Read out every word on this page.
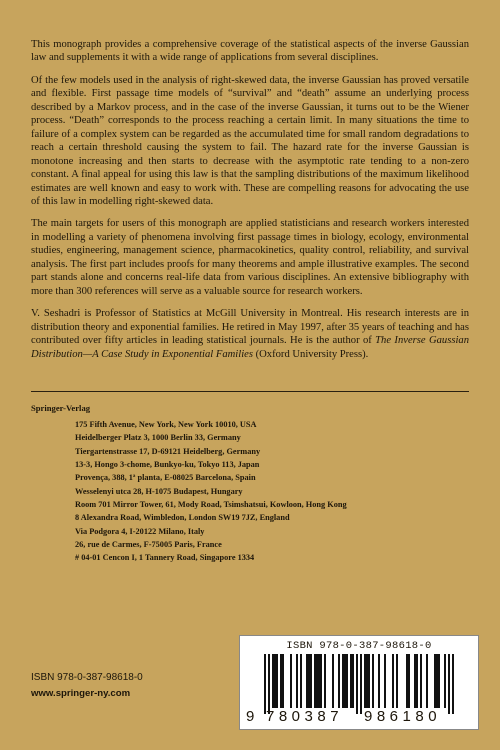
This monograph provides a comprehensive coverage of the statistical aspects of the inverse Gaussian law and supplements it with a wide range of applications from several disciplines.

Of the few models used in the analysis of right-skewed data, the inverse Gaussian has proved versatile and flexible. First passage time models of “survival” and “death” assume an underlying process described by a Markov process, and in the case of the inverse Gaussian, it turns out to be the Wiener process. “Death” corresponds to the process reaching a certain limit. In many situations the time to failure of a complex system can be regarded as the accumulated time for small random degradations to reach a certain threshold causing the system to fail. The hazard rate for the inverse Gaussian is monotone increasing and then starts to decrease with the asymptotic rate tending to a non-zero constant. A final appeal for using this law is that the sampling distributions of the maximum likelihood estimates are well known and easy to work with. These are compelling reasons for advocating the use of this law in modelling right-skewed data.

The main targets for users of this monograph are applied statisticians and research workers interested in modelling a variety of phenomena involving first passage times in biology, ecology, environmental studies, engineering, management science, pharmacokinetics, quality control, reliability, and survival analysis. The first part includes proofs for many theorems and ample illustrative examples. The second part stands alone and concerns real-life data from various disciplines. An extensive bibliography with more than 300 references will serve as a valuable source for research workers.

V. Seshadri is Professor of Statistics at McGill University in Montreal. His research interests are in distribution theory and exponential families. He retired in May 1997, after 35 years of teaching and has contributed over fifty articles in leading statistical journals. He is the author of The Inverse Gaussian Distribution—A Case Study in Exponential Families (Oxford University Press).

Springer-Verlag
175 Fifth Avenue, New York, New York 10010, USA
Heidelberger Platz 3, 1000 Berlin 33, Germany
Tiergartenstrasse 17, D-69121 Heidelberg, Germany
13-3, Hongo 3-chome, Bunkyo-ku, Tokyo 113, Japan
Provença, 388, 1ª planta, E-08025 Barcelona, Spain
Wesselenyi utca 28, H-1075 Budapest, Hungary
Room 701 Mirror Tower, 61, Mody Road, Tsimshatsui, Kowloon, Hong Kong
8 Alexandra Road, Wimbledon, London SW19 7JZ, England
Via Podgora 4, I-20122 Milano, Italy
26, rue de Carmes, F-75005 Paris, France
# 04-01 Cencon I, 1 Tannery Road, Singapore 1334
ISBN 978-0-387-98618-0
www.springer-ny.com
ISBN 978-0-387-98618-0
9 780387 986180
